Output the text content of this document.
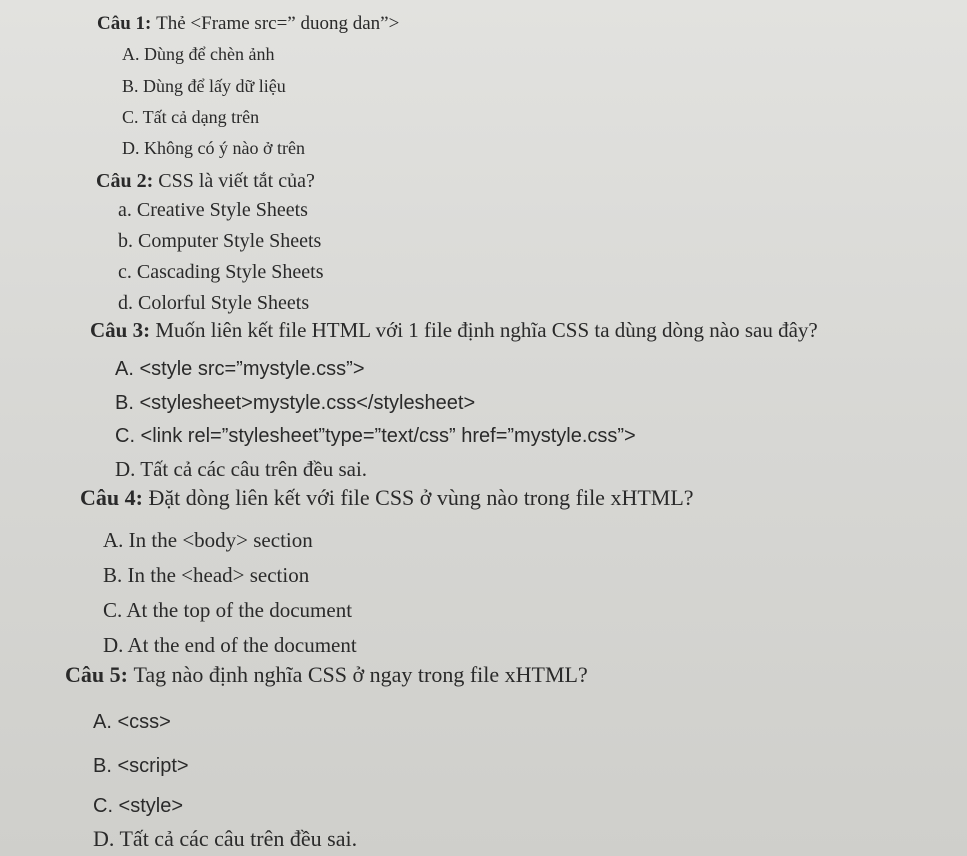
Câu 1: Thẻ <Frame src=” duong dan”>
A. Dùng để chèn ảnh
B. Dùng để lấy dữ liệu
C. Tất cả dạng trên
D. Không có ý nào ở trên
Câu 2: CSS là viết tắt của?
a. Creative Style Sheets
b. Computer Style Sheets
c. Cascading Style Sheets
d. Colorful Style Sheets
Câu 3: Muốn liên kết file HTML với 1 file định nghĩa CSS ta dùng dòng nào sau đây?
A. <style src=”mystyle.css”>
B. <stylesheet>mystyle.css</stylesheet>
C. <link rel=”stylesheet”type=”text/css” href=”mystyle.css”>
D. Tất cả các câu trên đều sai.
Câu 4: Đặt dòng liên kết với file CSS ở vùng nào trong file xHTML?
A. In the <body> section
B. In the <head> section
C. At the top of the document
D. At the end of the document
Câu 5: Tag nào định nghĩa CSS ở ngay trong file xHTML?
A. <css>
B. <script>
C. <style>
D. Tất cả các câu trên đều sai.
